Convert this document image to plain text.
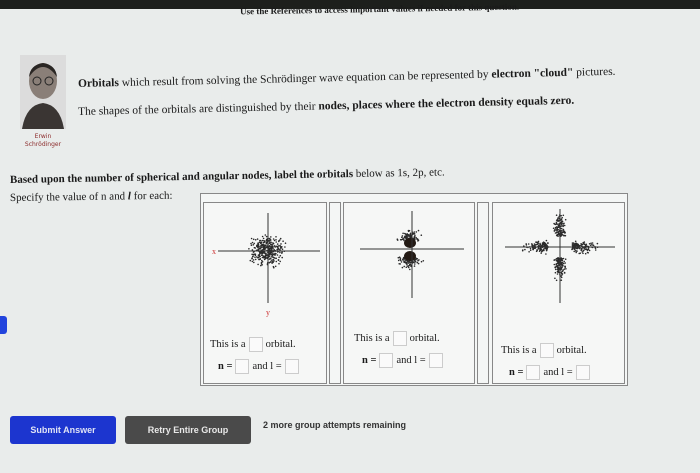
Use the References to access important values if needed for this question.
Erwin
Schrödinger
Orbitals which result from solving the Schrödinger wave equation can be represented by electron "cloud" pictures.
The shapes of the orbitals are distinguished by their nodes, places where the electron density equals zero.
Based upon the number of spherical and angular nodes, label the orbitals below as 1s, 2p, etc.
Specify the value of n and l for each:
x
y
This is a orbital.
n = and l =
This is a orbital.
n = and l =
This is a orbital.
n = and l =
Submit Answer	Retry Entire Group	2 more group attempts remaining
